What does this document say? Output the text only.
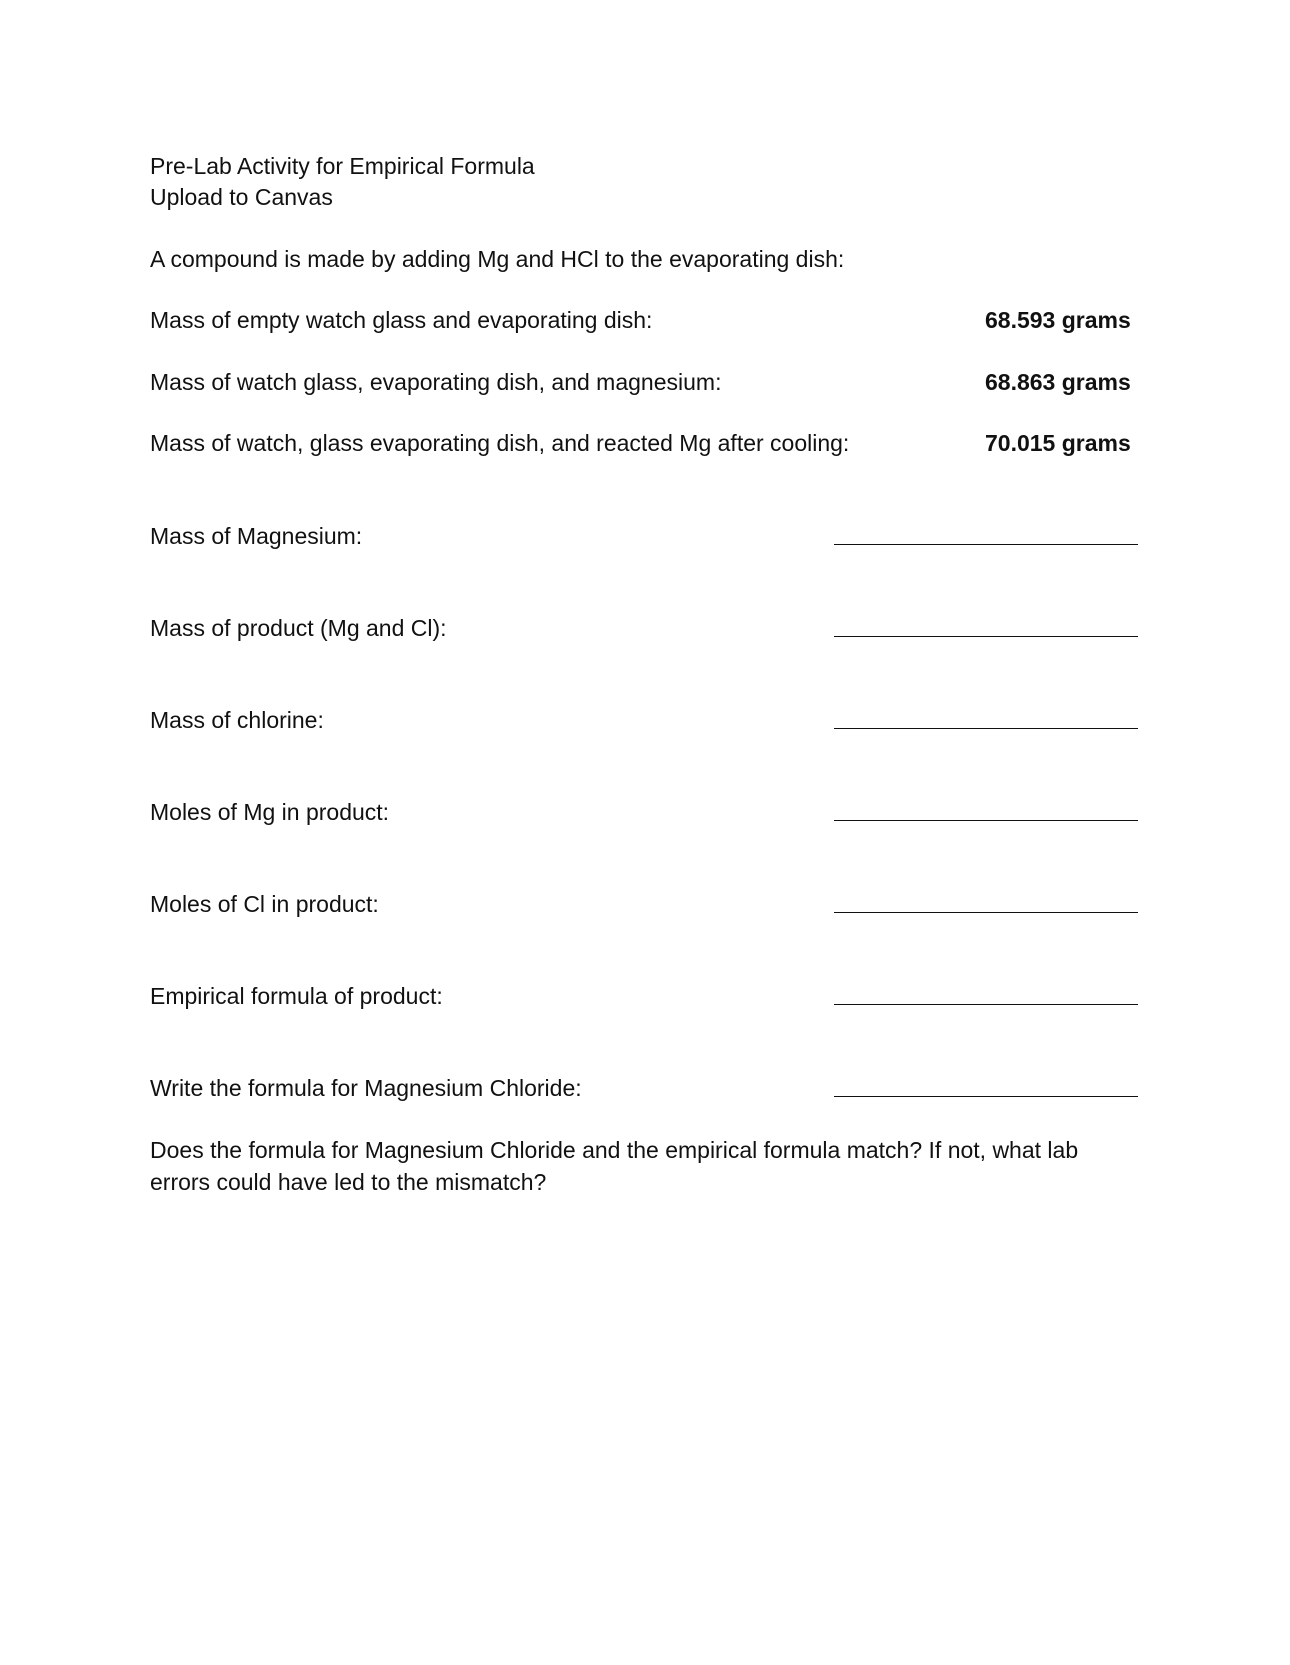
Pre-Lab Activity for Empirical Formula
Upload to Canvas
A compound is made by adding Mg and HCl to the evaporating dish:
Mass of empty watch glass and evaporating dish:	68.593 grams
Mass of watch glass, evaporating dish, and magnesium:	68.863 grams
Mass of watch, glass evaporating dish, and reacted Mg after cooling:	70.015 grams
Mass of Magnesium:
Mass of product (Mg and Cl):
Mass of chlorine:
Moles of Mg in product:
Moles of Cl in product:
Empirical formula of product:
Write the formula for Magnesium Chloride:
Does the formula for Magnesium Chloride and the empirical formula match? If not, what lab errors could have led to the mismatch?
